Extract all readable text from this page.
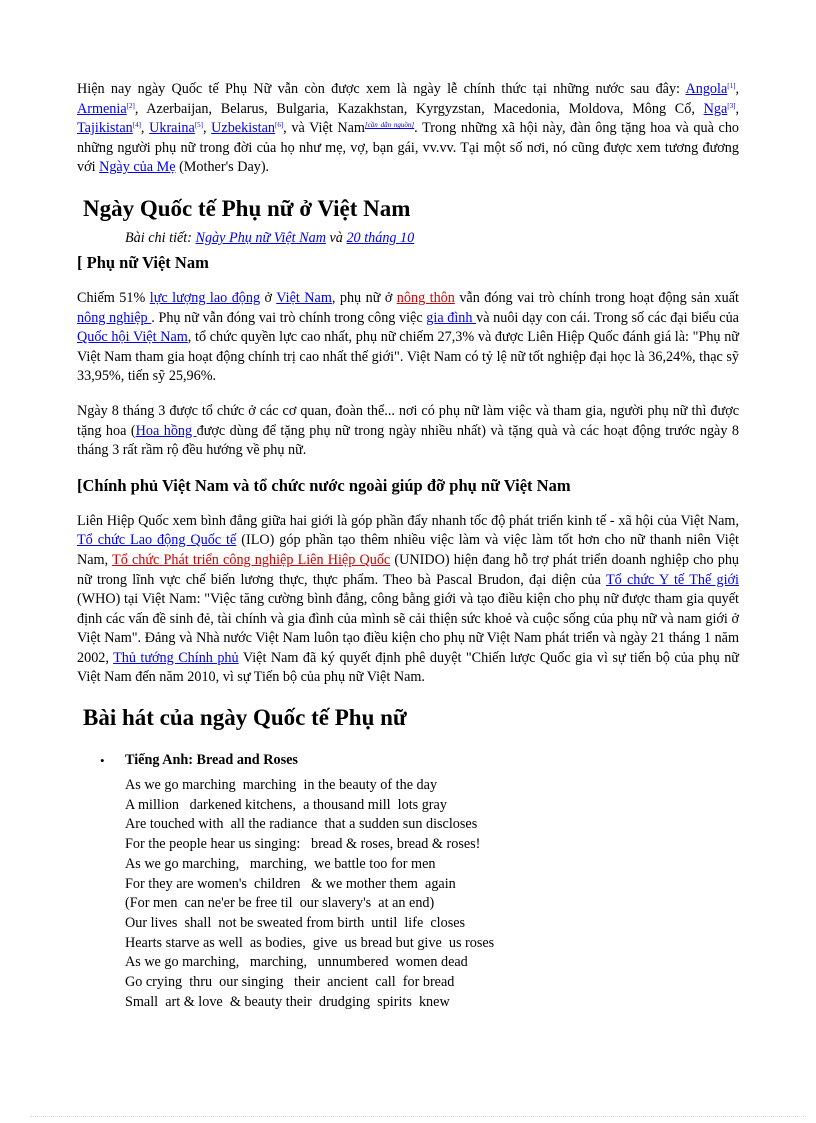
Hiện nay ngày Quốc tế Phụ Nữ vẫn còn được xem là ngày lễ chính thức tại những nước sau đây: Angola[1], Armenia[2], Azerbaijan, Belarus, Bulgaria, Kazakhstan, Kyrgyzstan, Macedonia, Moldova, Mông Cổ, Nga[3], Tajikistan[4], Ukraina[5], Uzbekistan[6], và Việt Nam[cần dẫn nguồn]. Trong những xã hội này, đàn ông tặng hoa và quà cho những người phụ nữ trong đời của họ như mẹ, vợ, bạn gái, vv.vv. Tại một số nơi, nó cũng được xem tương đương với Ngày của Mẹ (Mother's Day).

Ngày Quốc tế Phụ nữ ở Việt Nam

Bài chi tiết: Ngày Phụ nữ Việt Nam và 20 tháng 10

[ Phụ nữ Việt Nam

Chiếm 51% lực lượng lao động ở Việt Nam, phụ nữ ở nông thôn vẫn đóng vai trò chính trong hoạt động sản xuất nông nghiệp . Phụ nữ vẫn đóng vai trò chính trong công việc gia đình và nuôi dạy con cái. Trong số các đại biểu của Quốc hội Việt Nam, tổ chức quyền lực cao nhất, phụ nữ chiếm 27,3% và được Liên Hiệp Quốc đánh giá là: "Phụ nữ Việt Nam tham gia hoạt động chính trị cao nhất thế giới". Việt Nam có tỷ lệ nữ tốt nghiệp đại học là 36,24%, thạc sỹ 33,95%, tiến sỹ 25,96%.

Ngày 8 tháng 3 được tổ chức ở các cơ quan, đoàn thể... nơi có phụ nữ làm việc và tham gia, người phụ nữ thì được tặng hoa (Hoa hồng được dùng để tặng phụ nữ trong ngày nhiều nhất) và tặng quà và các hoạt động trước ngày 8 tháng 3 rất rầm rộ đều hướng về phụ nữ.

[Chính phủ Việt Nam và tổ chức nước ngoài giúp đỡ phụ nữ Việt Nam

Liên Hiệp Quốc xem bình đẳng giữa hai giới là góp phần đẩy nhanh tốc độ phát triển kinh tế - xã hội của Việt Nam, Tổ chức Lao động Quốc tế (ILO) góp phần tạo thêm nhiều việc làm và việc làm tốt hơn cho nữ thanh niên Việt Nam, Tổ chức Phát triển công nghiệp Liên Hiệp Quốc (UNIDO) hiện đang hỗ trợ phát triển doanh nghiệp cho phụ nữ trong lĩnh vực chế biến lương thực, thực phẩm. Theo bà Pascal Brudon, đại diện của Tổ chức Y tế Thế giới (WHO) tại Việt Nam: "Việc tăng cường bình đẳng, công bằng giới và tạo điều kiện cho phụ nữ được tham gia quyết định các vấn đề sinh đẻ, tài chính và gia đình của mình sẽ cải thiện sức khoẻ và cuộc sống của phụ nữ và nam giới ở Việt Nam". Đảng và Nhà nước Việt Nam luôn tạo điều kiện cho phụ nữ Việt Nam phát triển và ngày 21 tháng 1 năm 2002, Thủ tướng Chính phủ Việt Nam đã ký quyết định phê duyệt "Chiến lược Quốc gia vì sự tiến bộ của phụ nữ Việt Nam đến năm 2010, vì sự Tiến bộ của phụ nữ Việt Nam.

Bài hát của ngày Quốc tế Phụ nữ
• Tiếng Anh: Bread and Roses
As we go marching  marching  in the beauty of the day
A million   darkened kitchens,  a thousand mill  lots gray
Are touched with  all the radiance  that a sudden sun discloses
For the people hear us singing:   bread & roses, bread & roses!
As we go marching,   marching,  we battle too for men
For they are women's  children   & we mother them  again
(For men  can ne'er be free til  our slavery's  at an end)
Our lives  shall  not be sweated from birth  until  life  closes
Hearts starve as well  as bodies,  give  us bread but give  us roses
As we go marching,   marching,   unnumbered  women dead
Go crying  thru  our singing   their  ancient  call  for bread
Small  art & love  & beauty their  drudging  spirits  knew
